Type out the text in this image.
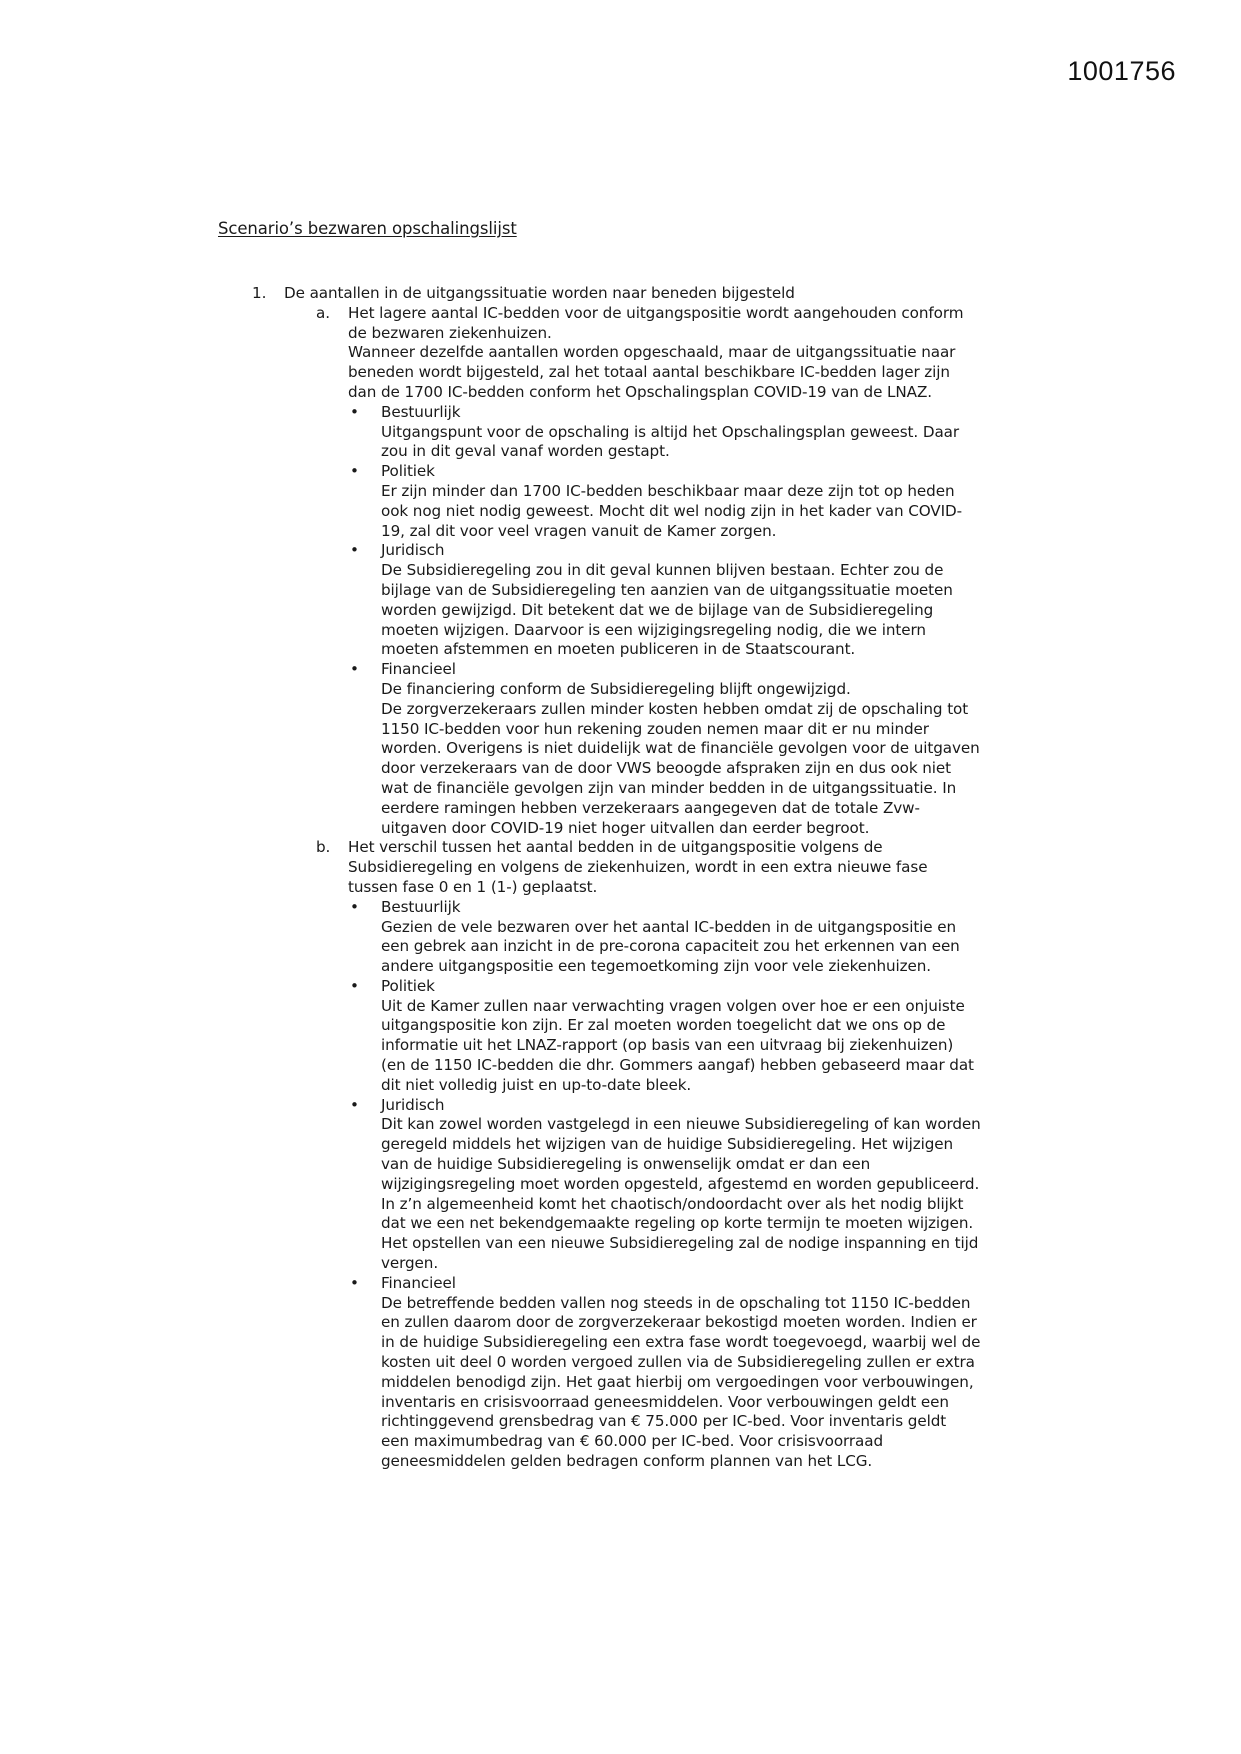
1001756
Scenario’s bezwaren opschalingslijst
1. De aantallen in de uitgangssituatie worden naar beneden bijgesteld
a. Het lagere aantal IC-bedden voor de uitgangspositie wordt aangehouden conform
de bezwaren ziekenhuizen.
Wanneer dezelfde aantallen worden opgeschaald, maar de uitgangssituatie naar
beneden wordt bijgesteld, zal het totaal aantal beschikbare IC-bedden lager zijn
dan de 1700 IC-bedden conform het Opschalingsplan COVID-19 van de LNAZ.
• Bestuurlijk
Uitgangspunt voor de opschaling is altijd het Opschalingsplan geweest. Daar
zou in dit geval vanaf worden gestapt.
• Politiek
Er zijn minder dan 1700 IC-bedden beschikbaar maar deze zijn tot op heden
ook nog niet nodig geweest. Mocht dit wel nodig zijn in het kader van COVID-
19, zal dit voor veel vragen vanuit de Kamer zorgen.
• Juridisch
De Subsidieregeling zou in dit geval kunnen blijven bestaan. Echter zou de
bijlage van de Subsidieregeling ten aanzien van de uitgangssituatie moeten
worden gewijzigd. Dit betekent dat we de bijlage van de Subsidieregeling
moeten wijzigen. Daarvoor is een wijzigingsregeling nodig, die we intern
moeten afstemmen en moeten publiceren in de Staatscourant.
• Financieel
De financiering conform de Subsidieregeling blijft ongewijzigd.
De zorgverzekeraars zullen minder kosten hebben omdat zij de opschaling tot
1150 IC-bedden voor hun rekening zouden nemen maar dit er nu minder
worden. Overigens is niet duidelijk wat de financiële gevolgen voor de uitgaven
door verzekeraars van de door VWS beoogde afspraken zijn en dus ook niet
wat de financiële gevolgen zijn van minder bedden in de uitgangssituatie. In
eerdere ramingen hebben verzekeraars aangegeven dat de totale Zvw-
uitgaven door COVID-19 niet hoger uitvallen dan eerder begroot.
b. Het verschil tussen het aantal bedden in de uitgangspositie volgens de
Subsidieregeling en volgens de ziekenhuizen, wordt in een extra nieuwe fase
tussen fase 0 en 1 (1-) geplaatst.
• Bestuurlijk
Gezien de vele bezwaren over het aantal IC-bedden in de uitgangspositie en
een gebrek aan inzicht in de pre-corona capaciteit zou het erkennen van een
andere uitgangspositie een tegemoetkoming zijn voor vele ziekenhuizen.
• Politiek
Uit de Kamer zullen naar verwachting vragen volgen over hoe er een onjuiste
uitgangspositie kon zijn. Er zal moeten worden toegelicht dat we ons op de
informatie uit het LNAZ-rapport (op basis van een uitvraag bij ziekenhuizen)
(en de 1150 IC-bedden die dhr. Gommers aangaf) hebben gebaseerd maar dat
dit niet volledig juist en up-to-date bleek.
• Juridisch
Dit kan zowel worden vastgelegd in een nieuwe Subsidieregeling of kan worden
geregeld middels het wijzigen van de huidige Subsidieregeling. Het wijzigen
van de huidige Subsidieregeling is onwenselijk omdat er dan een
wijzigingsregeling moet worden opgesteld, afgestemd en worden gepubliceerd.
In z’n algemeenheid komt het chaotisch/ondoordacht over als het nodig blijkt
dat we een net bekendgemaakte regeling op korte termijn te moeten wijzigen.
Het opstellen van een nieuwe Subsidieregeling zal de nodige inspanning en tijd
vergen.
• Financieel
De betreffende bedden vallen nog steeds in de opschaling tot 1150 IC-bedden
en zullen daarom door de zorgverzekeraar bekostigd moeten worden. Indien er
in de huidige Subsidieregeling een extra fase wordt toegevoegd, waarbij wel de
kosten uit deel 0 worden vergoed zullen via de Subsidieregeling zullen er extra
middelen benodigd zijn. Het gaat hierbij om vergoedingen voor verbouwingen,
inventaris en crisisvoorraad geneesmiddelen. Voor verbouwingen geldt een
richtinggevend grensbedrag van € 75.000 per IC-bed. Voor inventaris geldt
een maximumbedrag van € 60.000 per IC-bed. Voor crisisvoorraad
geneesmiddelen gelden bedragen conform plannen van het LCG.
